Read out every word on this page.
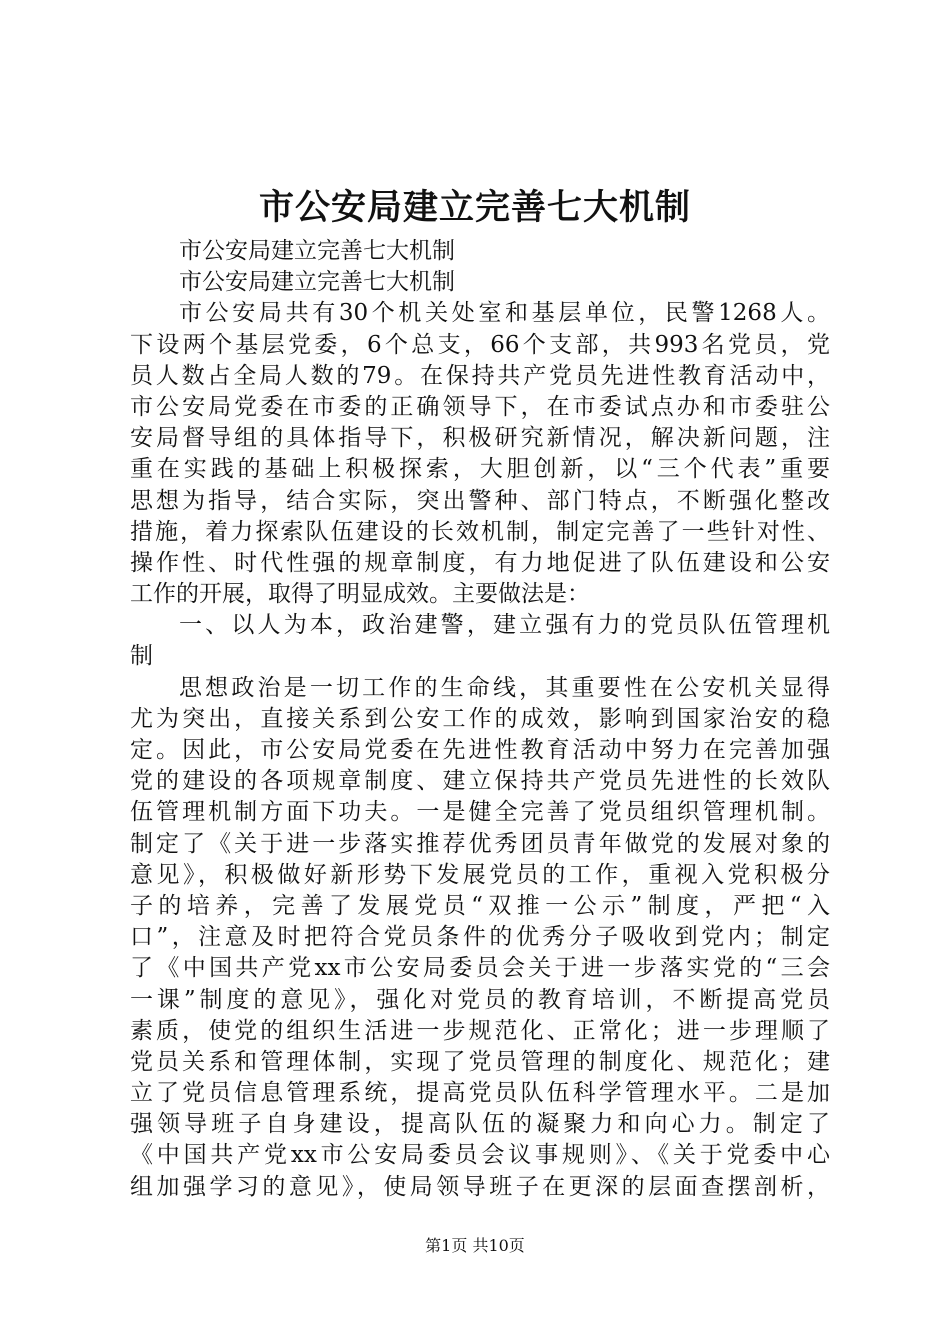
市公安局建立完善七大机制
市公安局建立完善七大机制
市公安局建立完善七大机制
市公安局共有30个机关处室和基层单位，民警1268人。
下设两个基层党委，6个总支，66个支部，共993名党员，党
员人数占全局人数的79。在保持共产党员先进性教育活动中，
市公安局党委在市委的正确领导下，在市委试点办和市委驻公
安局督导组的具体指导下，积极研究新情况，解决新问题，注
重在实践的基础上积极探索，大胆创新，以“三个代表”重要
思想为指导，结合实际，突出警种、部门特点，不断强化整改
措施，着力探索队伍建设的长效机制，制定完善了一些针对性、
操作性、时代性强的规章制度，有力地促进了队伍建设和公安
工作的开展，取得了明显成效。主要做法是：
一、以人为本，政治建警，建立强有力的党员队伍管理机
制
思想政治是一切工作的生命线，其重要性在公安机关显得
尤为突出，直接关系到公安工作的成效，影响到国家治安的稳
定。因此，市公安局党委在先进性教育活动中努力在完善加强
党的建设的各项规章制度、建立保持共产党员先进性的长效队
伍管理机制方面下功夫。一是健全完善了党员组织管理机制。
制定了《关于进一步落实推荐优秀团员青年做党的发展对象的
意见》，积极做好新形势下发展党员的工作，重视入党积极分
子的培养，完善了发展党员“双推一公示”制度，严把“入
口”，注意及时把符合党员条件的优秀分子吸收到党内；制定
了《中国共产党xx市公安局委员会关于进一步落实党的“三会
一课”制度的意见》，强化对党员的教育培训，不断提高党员
素质，使党的组织生活进一步规范化、正常化；进一步理顺了
党员关系和管理体制，实现了党员管理的制度化、规范化；建
立了党员信息管理系统，提高党员队伍科学管理水平。二是加
强领导班子自身建设，提高队伍的凝聚力和向心力。制定了
《中国共产党xx市公安局委员会议事规则》、《关于党委中心
组加强学习的意见》，使局领导班子在更深的层面查摆剖析，
第1页 共10页
